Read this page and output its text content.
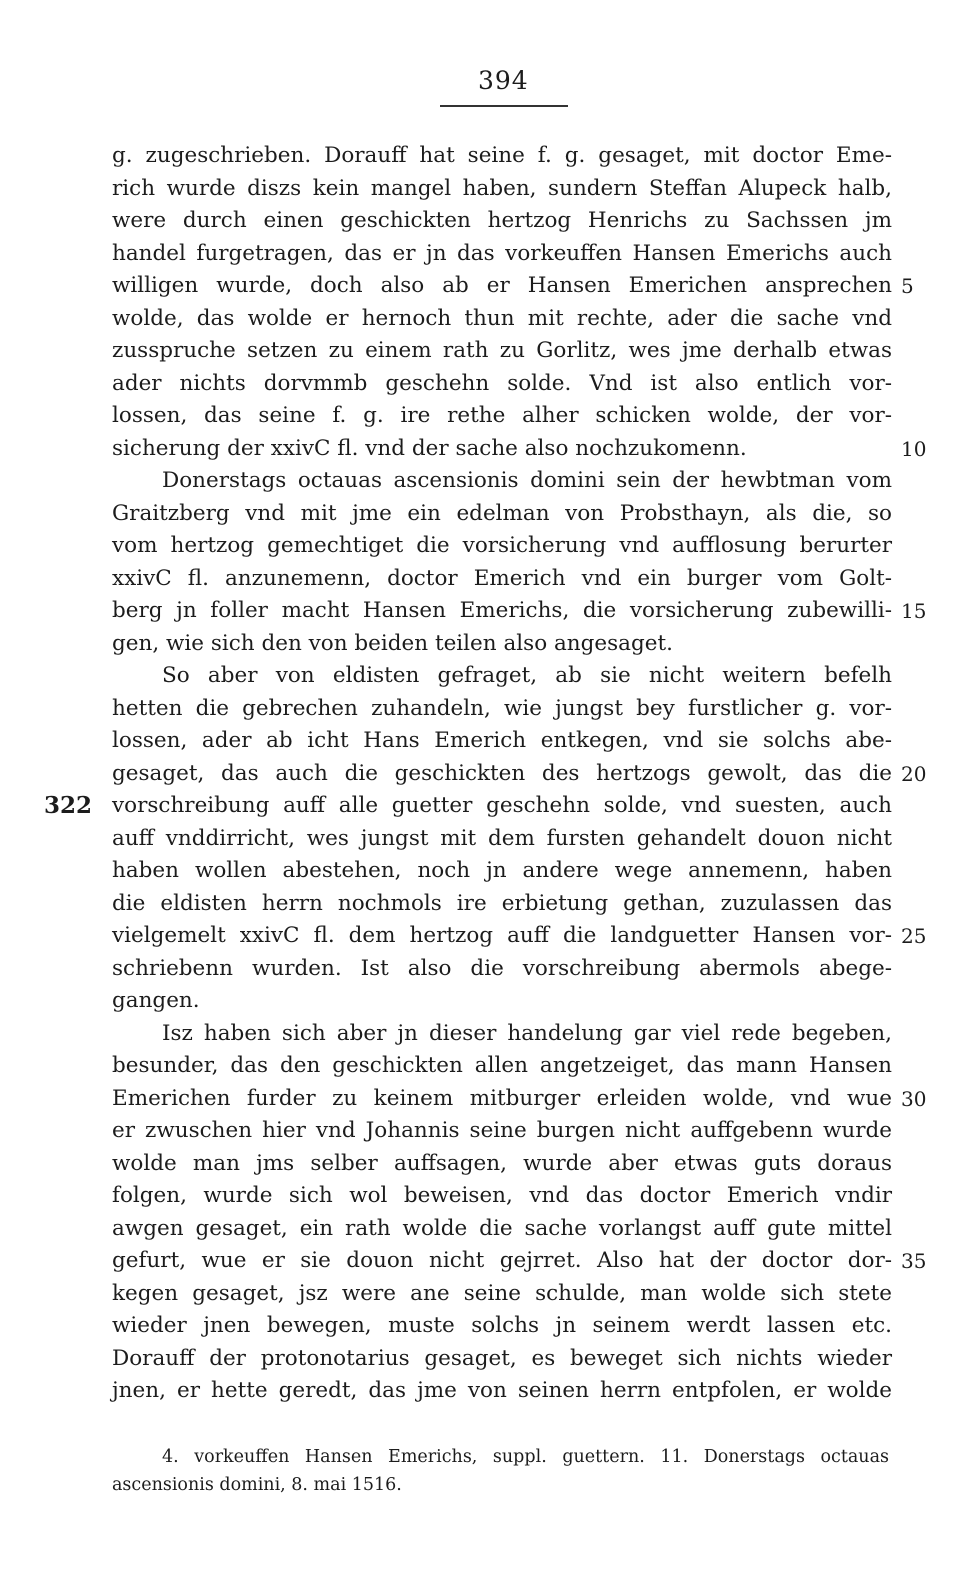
394
g. zugeschrieben. Dorauff hat seine f. g. gesaget, mit doctor Eme-
rich wurde diszs kein mangel haben, sundern Steffan Alupeck halb,
were durch einen geschickten hertzog Henrichs zu Sachssen jm
handel furgetragen, das er jn das vorkeuffen Hansen Emerichs auch
willigen wurde, doch also ab er Hansen Emerichen ansprechen
wolde, das wolde er hernoch thun mit rechte, ader die sache vnd
zusspruche setzen zu einem rath zu Gorlitz, wes jme derhalb etwas
ader nichts dorvmmb geschehn solde. Vnd ist also entlich vor-
lossen, das seine f. g. ire rethe alher schicken wolde, der vor-
sicherung der xxivC fl. vnd der sache also nochzukomenn.
Donerstags octauas ascensionis domini sein der hewbtman vom
Graitzberg vnd mit jme ein edelman von Probsthayn, als die, so
vom hertzog gemechtiget die vorsicherung vnd aufflosung berurter
xxivC fl. anzunemenn, doctor Emerich vnd ein burger vom Golt-
berg jn foller macht Hansen Emerichs, die vorsicherung zubewilli-
gen, wie sich den von beiden teilen also angesaget.
So aber von eldisten gefraget, ab sie nicht weitern befelh
hetten die gebrechen zuhandeln, wie jungst bey furstlicher g. vor-
lossen, ader ab icht Hans Emerich entkegen, vnd sie solchs abe-
gesaget, das auch die geschickten des hertzogs gewolt, das die
vorschreibung auff alle guetter geschehn solde, vnd suesten, auch
auff vnddirricht, wes jungst mit dem fursten gehandelt douon nicht
haben wollen abestehen, noch jn andere wege annemenn, haben
die eldisten herrn nochmols ire erbietung gethan, zuzulassen das
vielgemelt xxivC fl. dem hertzog auff die landguetter Hansen vor-
schriebenn wurden. Ist also die vorschreibung abermols abege-
gangen.
Isz haben sich aber jn dieser handelung gar viel rede begeben,
besunder, das den geschickten allen angetzeiget, das mann Hansen
Emerichen furder zu keinem mitburger erleiden wolde, vnd wue
er zwuschen hier vnd Johannis seine burgen nicht auffgebenn wurde
wolde man jms selber auffsagen, wurde aber etwas guts doraus
folgen, wurde sich wol beweisen, vnd das doctor Emerich vndir
awgen gesaget, ein rath wolde die sache vorlangst auff gute mittel
gefurt, wue er sie douon nicht gejrret. Also hat der doctor dor-
kegen gesaget, jsz were ane seine schulde, man wolde sich stete
wieder jnen bewegen, muste solchs jn seinem werdt lassen etc.
Dorauff der protonotarius gesaget, es beweget sich nichts wieder
jnen, er hette geredt, das jme von seinen herrn entpfolen, er wolde
5
10
15
20
25
30
35
322
4. vorkeuffen Hansen Emerichs, suppl. guettern. 11. Donerstags octauas
ascensionis domini, 8. mai 1516.
